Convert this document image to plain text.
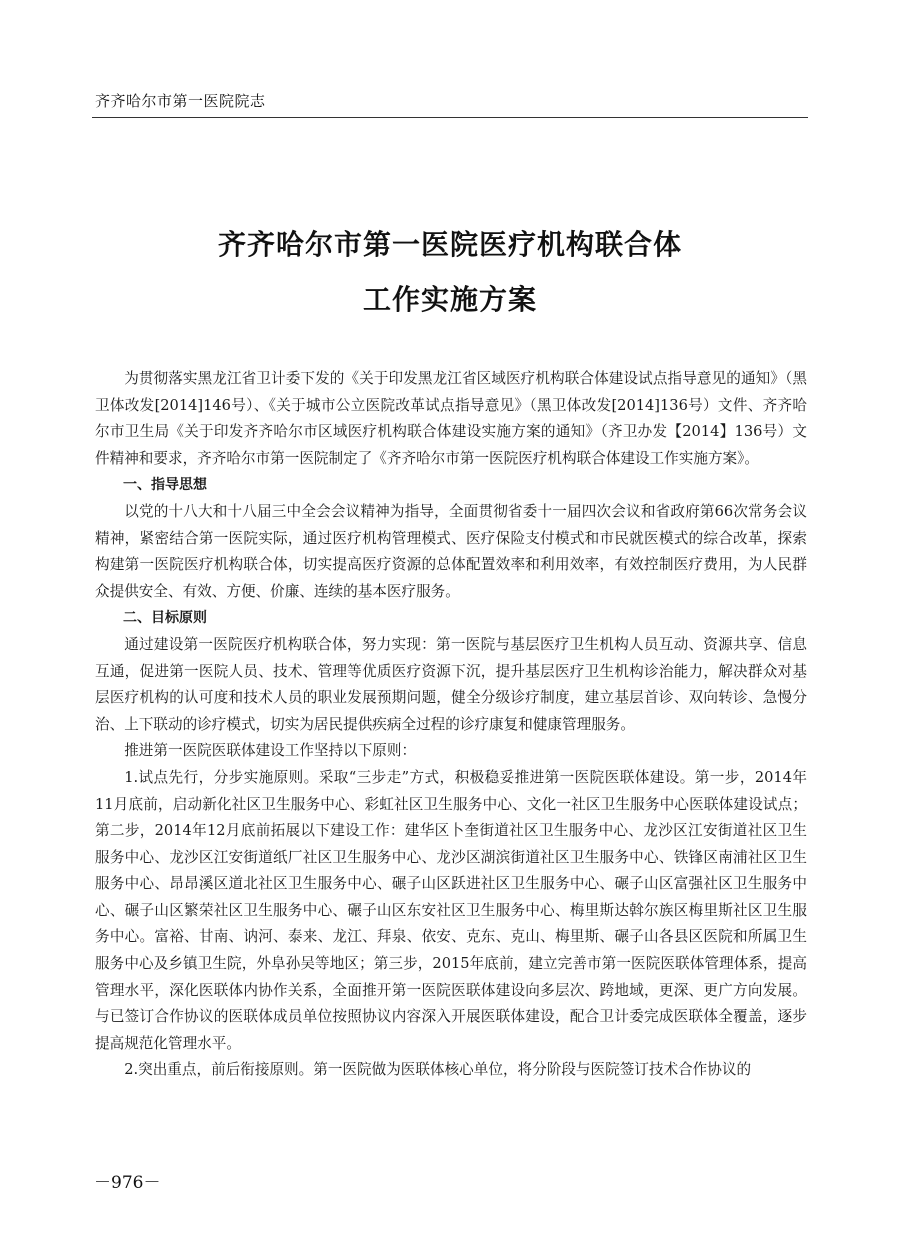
齐齐哈尔市第一医院院志
齐齐哈尔市第一医院医疗机构联合体
工作实施方案

为贯彻落实黑龙江省卫计委下发的《关于印发黑龙江省区域医疗机构联合体建设试点指导意见的通知》（黑卫体改发[2014]146号）、《关于城市公立医院改革试点指导意见》（黑卫体改发[2014]136号）文件、齐齐哈尔市卫生局《关于印发齐齐哈尔市区域医疗机构联合体建设实施方案的通知》（齐卫办发【2014】136号）文件精神和要求，齐齐哈尔市第一医院制定了《齐齐哈尔市第一医院医疗机构联合体建设工作实施方案》。

一、指导思想

以党的十八大和十八届三中全会会议精神为指导，全面贯彻省委十一届四次会议和省政府第66次常务会议精神，紧密结合第一医院实际，通过医疗机构管理模式、医疗保险支付模式和市民就医模式的综合改革，探索构建第一医院医疗机构联合体，切实提高医疗资源的总体配置效率和利用效率，有效控制医疗费用，为人民群众提供安全、有效、方便、价廉、连续的基本医疗服务。

二、目标原则

通过建设第一医院医疗机构联合体，努力实现：第一医院与基层医疗卫生机构人员互动、资源共享、信息互通，促进第一医院人员、技术、管理等优质医疗资源下沉，提升基层医疗卫生机构诊治能力，解决群众对基层医疗机构的认可度和技术人员的职业发展预期问题，健全分级诊疗制度，建立基层首诊、双向转诊、急慢分治、上下联动的诊疗模式，切实为居民提供疾病全过程的诊疗康复和健康管理服务。

推进第一医院医联体建设工作坚持以下原则：

1.试点先行，分步实施原则。采取“三步走”方式，积极稳妥推进第一医院医联体建设。第一步，2014年11月底前，启动新化社区卫生服务中心、彩虹社区卫生服务中心、文化一社区卫生服务中心医联体建设试点；第二步，2014年12月底前拓展以下建设工作：建华区卜奎街道社区卫生服务中心、龙沙区江安街道社区卫生服务中心、龙沙区江安街道纸厂社区卫生服务中心、龙沙区湖滨街道社区卫生服务中心、铁锋区南浦社区卫生服务中心、昂昂溪区道北社区卫生服务中心、碾子山区跃进社区卫生服务中心、碾子山区富强社区卫生服务中心、碾子山区繁荣社区卫生服务中心、碾子山区东安社区卫生服务中心、梅里斯达斡尔族区梅里斯社区卫生服务中心。富裕、甘南、讷河、泰来、龙江、拜泉、依安、克东、克山、梅里斯、碾子山各县区医院和所属卫生服务中心及乡镇卫生院，外阜孙吴等地区；第三步，2015年底前，建立完善市第一医院医联体管理体系，提高管理水平，深化医联体内协作关系，全面推开第一医院医联体建设向多层次、跨地域，更深、更广方向发展。与已签订合作协议的医联体成员单位按照协议内容深入开展医联体建设，配合卫计委完成医联体全覆盖，逐步提高规范化管理水平。

2.突出重点，前后衔接原则。第一医院做为医联体核心单位，将分阶段与医院签订技术合作协议的

－976－
